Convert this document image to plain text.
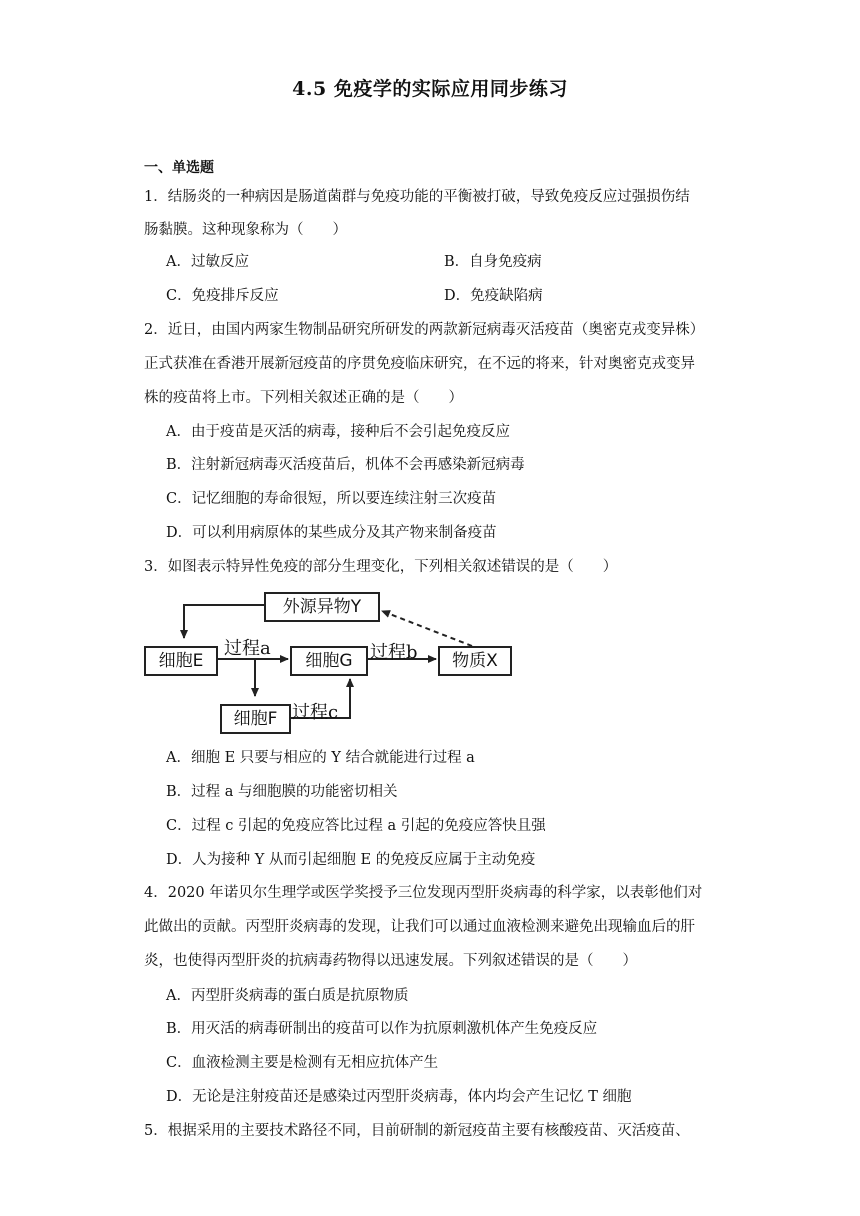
4.5 免疫学的实际应用同步练习
一、单选题
1．结肠炎的一种病因是肠道菌群与免疫功能的平衡被打破，导致免疫反应过强损伤结
肠黏膜。这种现象称为（　　）
A．过敏反应	B．自身免疫病
C．免疫排斥反应	D．免疫缺陷病
2．近日，由国内两家生物制品研究所研发的两款新冠病毒灭活疫苗（奥密克戎变异株）
正式获准在香港开展新冠疫苗的序贯免疫临床研究，在不远的将来，针对奥密克戎变异
株的疫苗将上市。下列相关叙述正确的是（　　）
A．由于疫苗是灭活的病毒，接种后不会引起免疫反应
B．注射新冠病毒灭活疫苗后，机体不会再感染新冠病毒
C．记忆细胞的寿命很短，所以要连续注射三次疫苗
D．可以利用病原体的某些成分及其产物来制备疫苗
3．如图表示特异性免疫的部分生理变化，下列相关叙述错误的是（　　）
外源异物Y
细胞E	细胞G	物质X
细胞F
过程a	过程b
过程c
A．细胞 E 只要与相应的 Y 结合就能进行过程 a
B．过程 a 与细胞膜的功能密切相关
C．过程 c 引起的免疫应答比过程 a 引起的免疫应答快且强
D．人为接种 Y 从而引起细胞 E 的免疫反应属于主动免疫
4．2020 年诺贝尔生理学或医学奖授予三位发现丙型肝炎病毒的科学家，以表彰他们对
此做出的贡献。丙型肝炎病毒的发现，让我们可以通过血液检测来避免出现输血后的肝
炎，也使得丙型肝炎的抗病毒药物得以迅速发展。下列叙述错误的是（　　）
A．丙型肝炎病毒的蛋白质是抗原物质
B．用灭活的病毒研制出的疫苗可以作为抗原刺激机体产生免疫反应
C．血液检测主要是检测有无相应抗体产生
D．无论是注射疫苗还是感染过丙型肝炎病毒，体内均会产生记忆 T 细胞
5．根据采用的主要技术路径不同，目前研制的新冠疫苗主要有核酸疫苗、灭活疫苗、
